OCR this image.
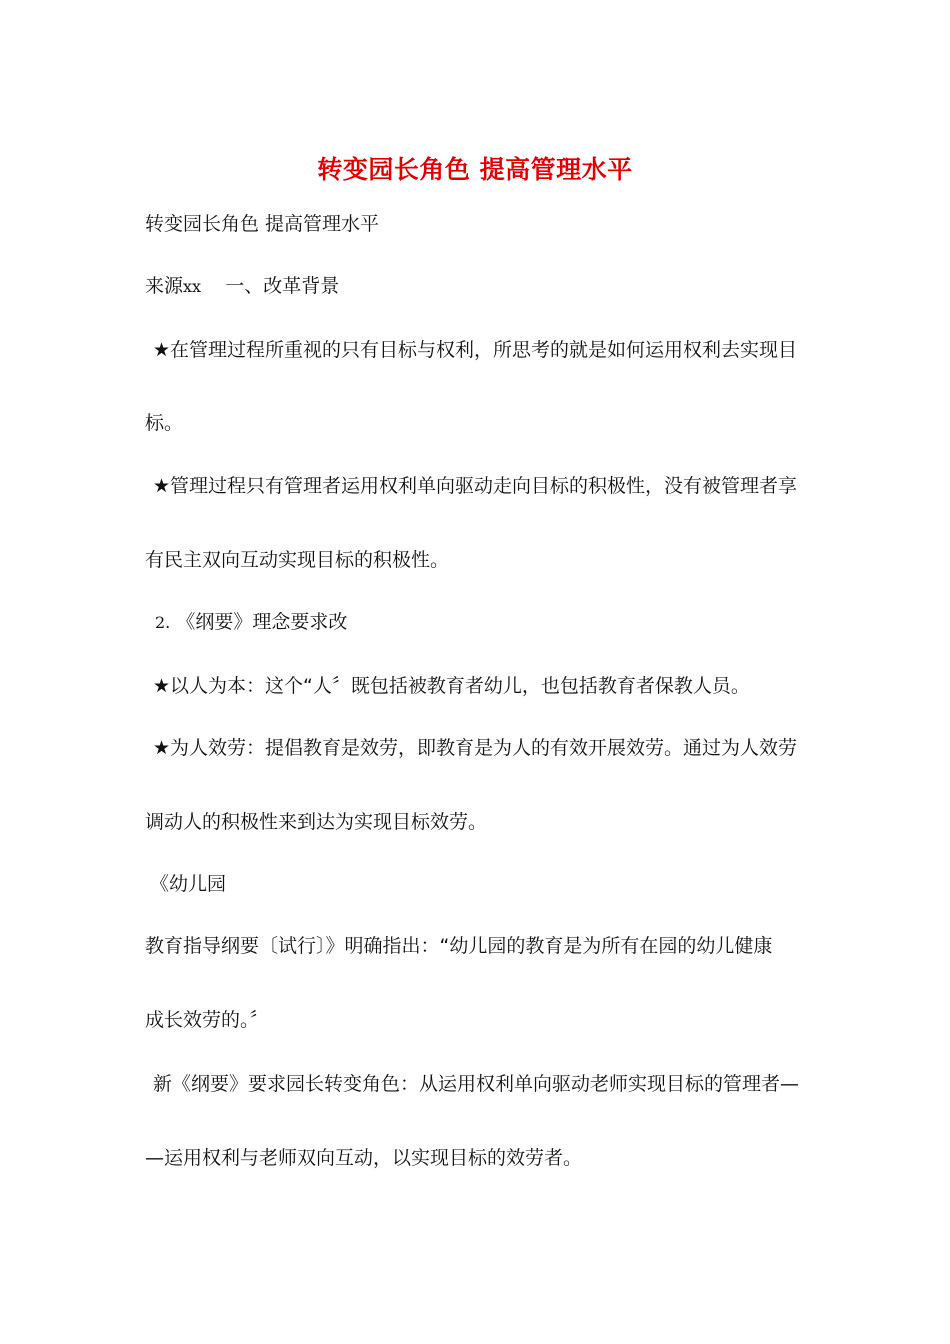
转变园长角色 提高管理水平
转变园长角色 提高管理水平
来源xx 一、改革背景
★在管理过程所重视的只有目标与权利，所思考的就是如何运用权利去实现目
标。
★管理过程只有管理者运用权利单向驱动走向目标的积极性，没有被管理者享
有民主双向互动实现目标的积极性。
2. 《纲要》理念要求改
★以人为本：这个“人〞既包括被教育者幼儿，也包括教育者保教人员。
★为人效劳：提倡教育是效劳，即教育是为人的有效开展效劳。通过为人效劳
调动人的积极性来到达为实现目标效劳。
《幼儿园
教育指导纲要〔试行〕》明确指出：“幼儿园的教育是为所有在园的幼儿健康
成长效劳的。〞
新《纲要》要求园长转变角色：从运用权利单向驱动老师实现目标的管理者—
—运用权利与老师双向互动，以实现目标的效劳者。
